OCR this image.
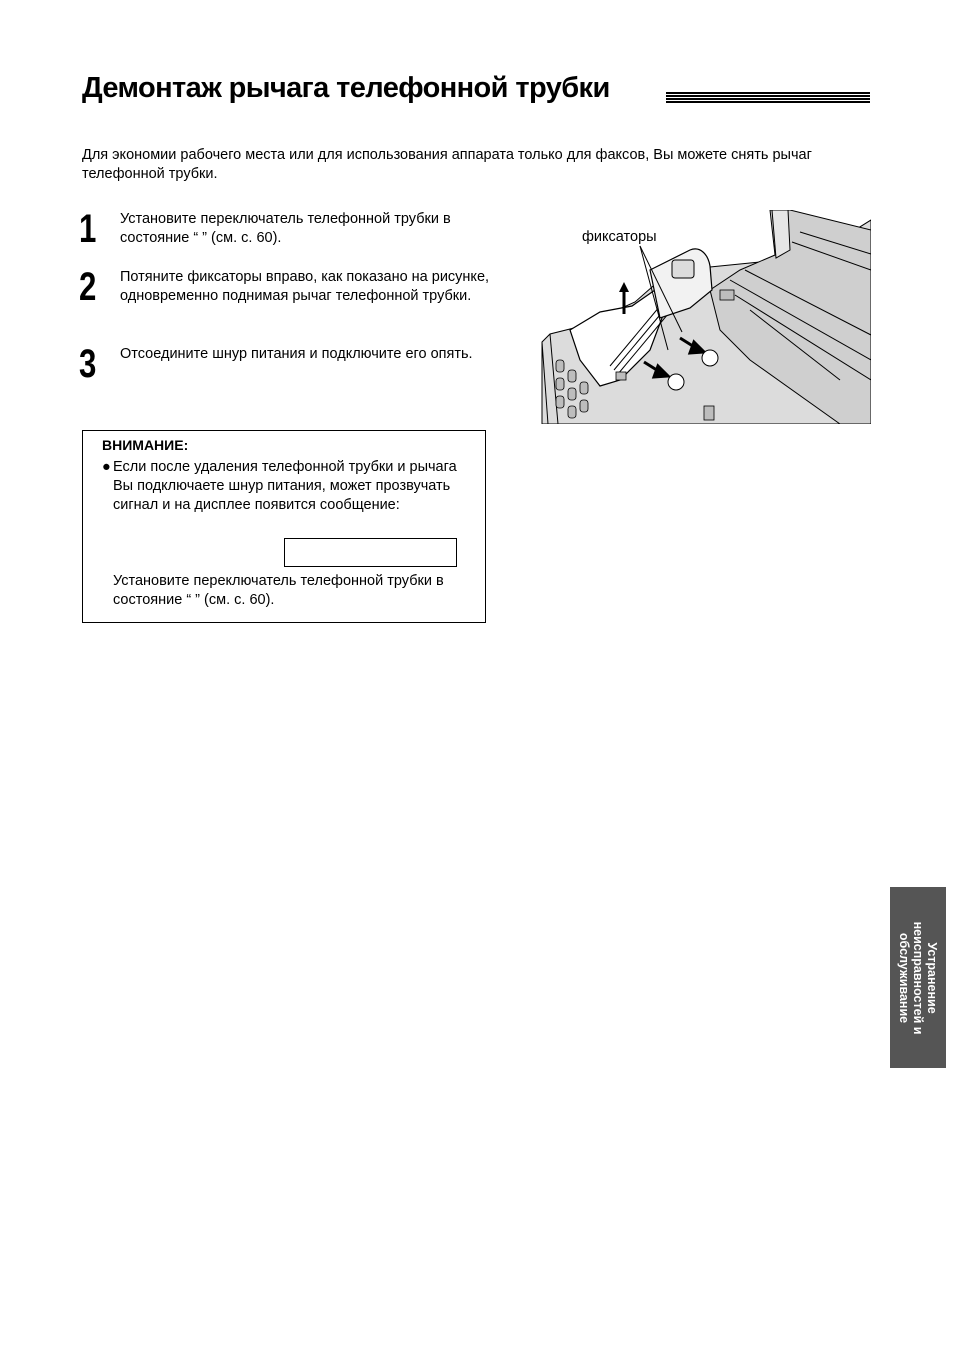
Демонтаж рычага телефонной трубки
Для экономии рабочего места или для использования аппарата только для факсов, Вы можете снять рычаг телефонной трубки.
1 Установите переключатель телефонной трубки в состояние “ ” (см. с. 60).
2 Потяните фиксаторы вправо, как показано на рисунке, одновременно поднимая рычаг телефонной трубки.
3 Отсоедините шнур питания и подключите его опять.
фиксаторы
ВНИМАНИЕ:
● Если после удаления телефонной трубки и рычага Вы подключаете шнур питания, может прозвучать сигнал и на дисплее появится сообщение:
Установите переключатель телефонной трубки в состояние “ ” (см. с. 60).
Устранение неисправностей и обслуживание
